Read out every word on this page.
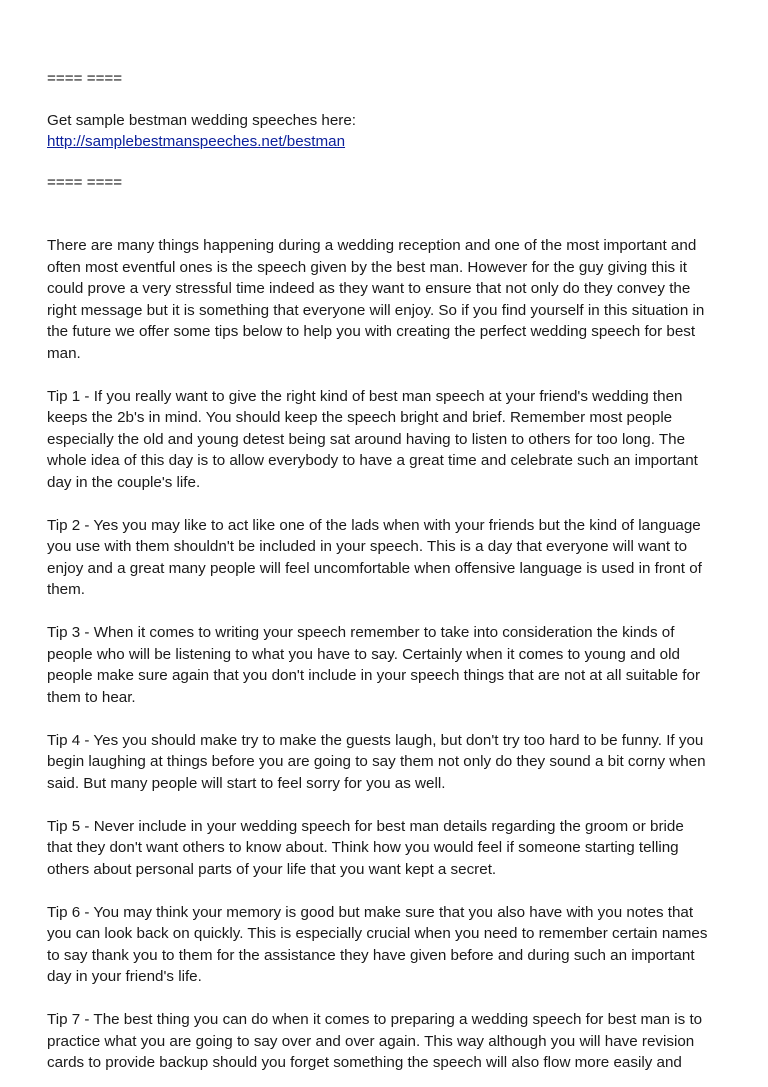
==== ====

Get sample bestman wedding speeches here:

http://samplebestmanspeeches.net/bestman

==== ====

There are many things happening during a wedding reception and one of the most important and

often most eventful ones is the speech given by the best man. However for the guy giving this it

could prove a very stressful time indeed as they want to ensure that not only do they convey the

right message but it is something that everyone will enjoy. So if you find yourself in this situation in

the future we offer some tips below to help you with creating the perfect wedding speech for best

man.

Tip 1 - If you really want to give the right kind of best man speech at your friend's wedding then

keeps the 2b's in mind. You should keep the speech bright and brief. Remember most people

especially the old and young detest being sat around having to listen to others for too long. The

whole idea of this day is to allow everybody to have a great time and celebrate such an important

day in the couple's life.

Tip 2 - Yes you may like to act like one of the lads when with your friends but the kind of language

you use with them shouldn't be included in your speech. This is a day that everyone will want to

enjoy and a great many people will feel uncomfortable when offensive language is used in front of

them.

Tip 3 - When it comes to writing your speech remember to take into consideration the kinds of

people who will be listening to what you have to say. Certainly when it comes to young and old

people make sure again that you don't include in your speech things that are not at all suitable for

them to hear.

Tip 4 - Yes you should make try to make the guests laugh, but don't try too hard to be funny. If you

begin laughing at things before you are going to say them not only do they sound a bit corny when

said. But many people will start to feel sorry for you as well.

Tip 5 - Never include in your wedding speech for best man details regarding the groom or bride

that they don't want others to know about. Think how you would feel if someone starting telling

others about personal parts of your life that you want kept a secret.

Tip 6 - You may think your memory is good but make sure that you also have with you notes that

you can look back on quickly. This is especially crucial when you need to remember certain names

to say thank you to them for the assistance they have given before and during such an important

day in your friend's life.

Tip 7 - The best thing you can do when it comes to preparing a wedding speech for best man is to

practice what you are going to say over and over again. This way although you will have revision

cards to provide backup should you forget something the speech will also flow more easily and
